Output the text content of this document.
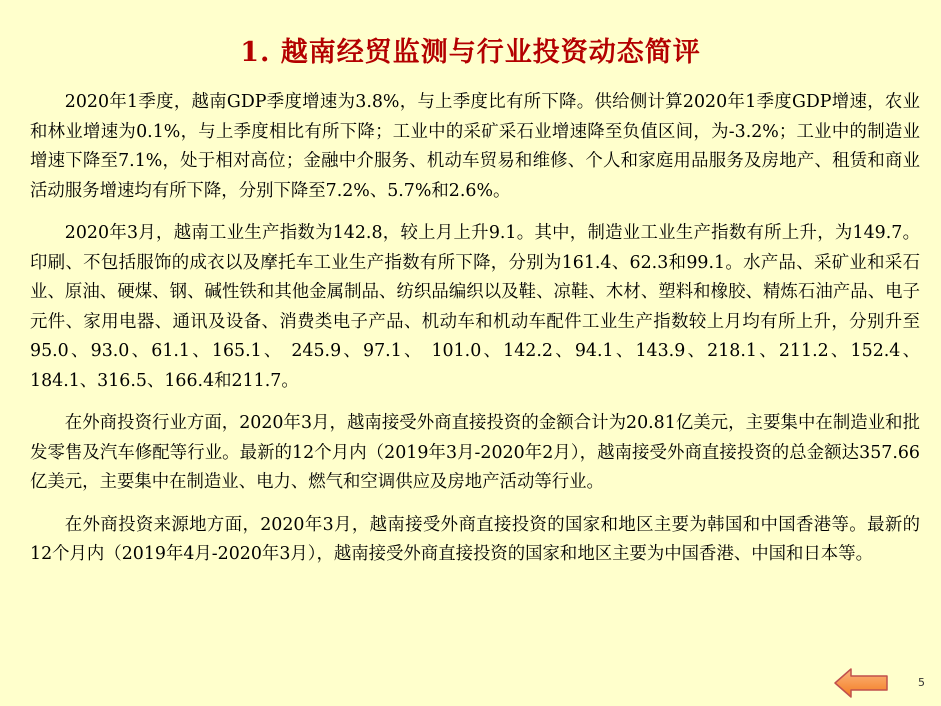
1. 越南经贸监测与行业投资动态简评

2020年1季度，越南GDP季度增速为3.8%，与上季度比有所下降。供给侧计算2020年1季度GDP增速，农业和林业增速为0.1%，与上季度相比有所下降；工业中的采矿采石业增速降至负值区间，为-3.2%；工业中的制造业增速下降至7.1%，处于相对高位；金融中介服务、机动车贸易和维修、个人和家庭用品服务及房地产、租赁和商业活动服务增速均有所下降，分别下降至7.2%、5.7%和2.6%。

2020年3月，越南工业生产指数为142.8，较上月上升9.1。其中，制造业工业生产指数有所上升，为149.7。印刷、不包括服饰的成衣以及摩托车工业生产指数有所下降，分别为161.4、62.3和99.1。水产品、采矿业和采石业、原油、硬煤、钢、碱性铁和其他金属制品、纺织品编织以及鞋、凉鞋、木材、塑料和橡胶、精炼石油产品、电子元件、家用电器、通讯及设备、消费类电子产品、机动车和机动车配件工业生产指数较上月均有所上升，分别升至95.0、93.0、61.1、165.1、 245.9、97.1、 101.0、142.2、94.1、143.9、218.1、211.2、152.4、184.1、316.5、166.4和211.7。

在外商投资行业方面，2020年3月，越南接受外商直接投资的金额合计为20.81亿美元，主要集中在制造业和批发零售及汽车修配等行业。最新的12个月内（2019年3月-2020年2月），越南接受外商直接投资的总金额达357.66亿美元，主要集中在制造业、电力、燃气和空调供应及房地产活动等行业。

在外商投资来源地方面，2020年3月，越南接受外商直接投资的国家和地区主要为韩国和中国香港等。最新的12个月内（2019年4月-2020年3月），越南接受外商直接投资的国家和地区主要为中国香港、中国和日本等。

5
